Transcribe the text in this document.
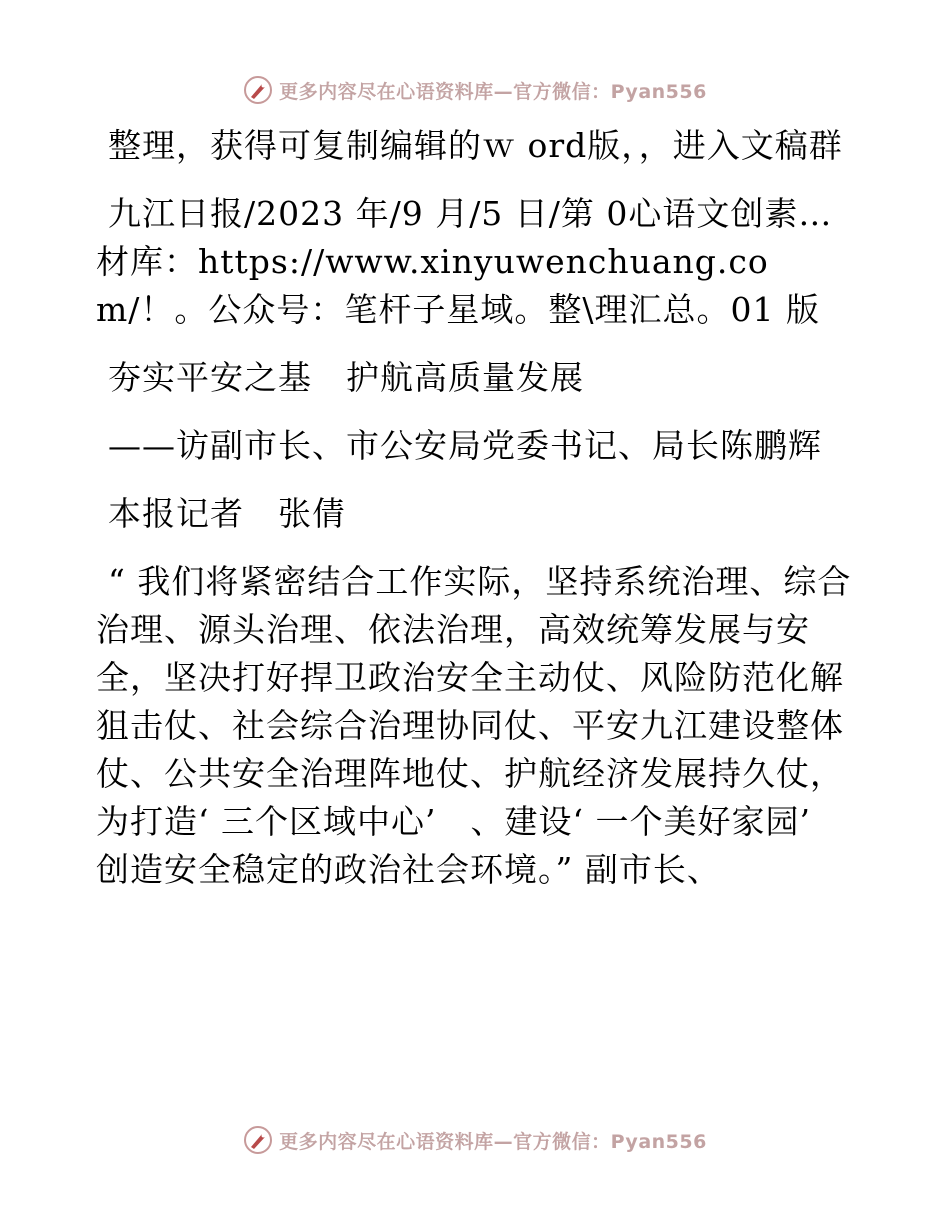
更多内容尽在心语资料库—官方微信：Pyan556

整理，获得可复制编辑的ｗ ord版，，进入文稿群

九江日报/2023 年/9 月/5 日/第 0心语文创素…材库：https://www.xinyuwenchuang.com/！。公众号：笔杆子星域。整\理汇总。01 版

夯实平安之基　护航高质量发展

——访副市长、市公安局党委书记、局长陈鹏辉

本报记者　张倩

“ 我们将紧密结合工作实际，坚持系统治理、综合治理、源头治理、依法治理，高效统筹发展与安全，坚决打好捍卫政治安全主动仗、风险防范化解狙击仗、社会综合治理协同仗、平安九江建设整体仗、公共安全治理阵地仗、护航经济发展持久仗，为打造‘ 三个区域中心’　、建设‘ 一个美好家园’　创造安全稳定的政治社会环境。” 副市长、

更多内容尽在心语资料库—官方微信：Pyan556
